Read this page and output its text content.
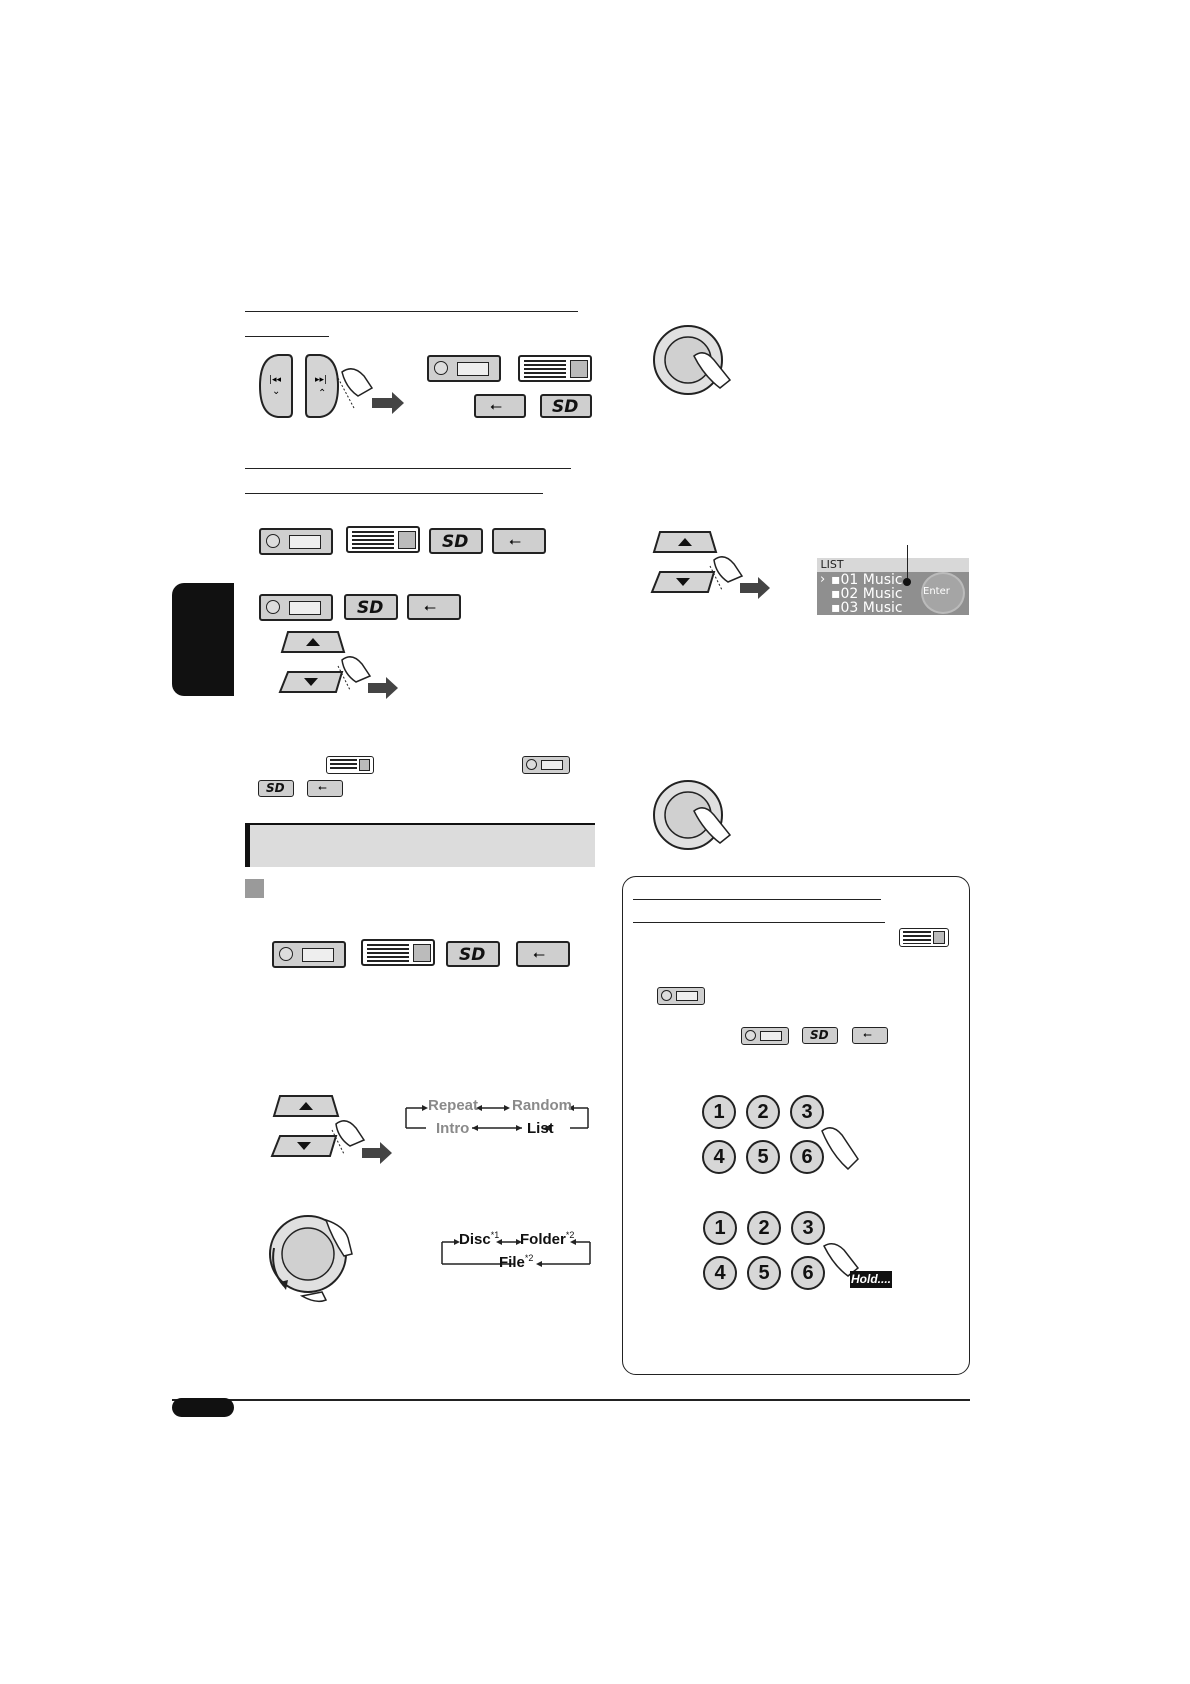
|◂◂
⌄
▸▸|
⌃
⭠	SD
SD	⭠
SD	⭠
SD	⭠
SD	⭠
Repeat Random
Intro	List
Disc$^{*1}$ Folder$^{*2}$
File$^{*2}$
LIST
▪01 Music
▪02 Music
▪03 Music
›
Enter
SD	⭠
1	2	3
4	5	6
1	2	3
4	5	6	Hold....
